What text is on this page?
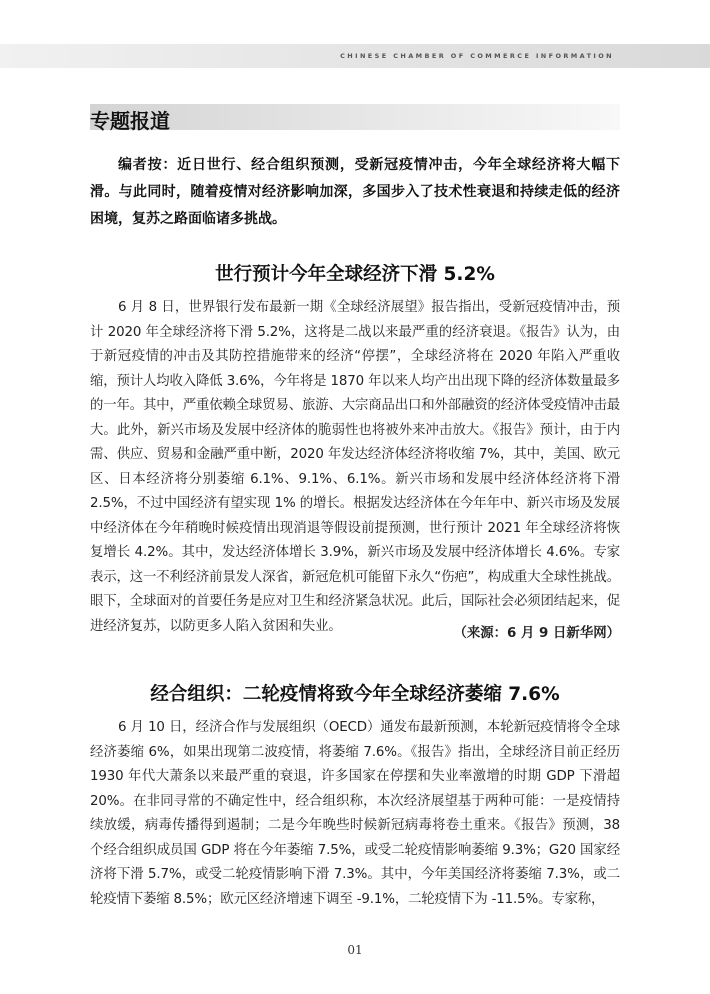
CHINESE CHAMBER OF COMMERCE INFORMATION
专题报道

编者按：近日世行、经合组织预测，受新冠疫情冲击，今年全球经济将大幅下滑。与此同时，随着疫情对经济影响加深，多国步入了技术性衰退和持续走低的经济困境，复苏之路面临诸多挑战。

世行预计今年全球经济下滑 5.2%

6 月 8 日，世界银行发布最新一期《全球经济展望》报告指出，受新冠疫情冲击，预计 2020 年全球经济将下滑 5.2%，这将是二战以来最严重的经济衰退。《报告》认为，由于新冠疫情的冲击及其防控措施带来的经济“停摆”，全球经济将在 2020 年陷入严重收缩，预计人均收入降低 3.6%，今年将是 1870 年以来人均产出出现下降的经济体数量最多的一年。其中，严重依赖全球贸易、旅游、大宗商品出口和外部融资的经济体受疫情冲击最大。此外，新兴市场及发展中经济体的脆弱性也将被外来冲击放大。《报告》预计，由于内需、供应、贸易和金融严重中断，2020 年发达经济体经济将收缩 7%，其中，美国、欧元区、日本经济将分别萎缩 6.1%、9.1%、6.1%。新兴市场和发展中经济体经济将下滑 2.5%，不过中国经济有望实现 1% 的增长。根据发达经济体在今年年中、新兴市场及发展中经济体在今年稍晚时候疫情出现消退等假设前提预测，世行预计 2021 年全球经济将恢复增长 4.2%。其中，发达经济体增长 3.9%，新兴市场及发展中经济体增长 4.6%。专家表示，这一不利经济前景发人深省，新冠危机可能留下永久“伤疤”，构成重大全球性挑战。眼下，全球面对的首要任务是应对卫生和经济紧急状况。此后，国际社会必须团结起来，促进经济复苏，以防更多人陷入贫困和失业。	（来源：6 月 9 日新华网）
经合组织：二轮疫情将致今年全球经济萎缩 7.6%

6 月 10 日，经济合作与发展组织（OECD）通发布最新预测，本轮新冠疫情将令全球经济萎缩 6%，如果出现第二波疫情，将萎缩 7.6%。《报告》指出，全球经济目前正经历 1930 年代大萧条以来最严重的衰退，许多国家在停摆和失业率激增的时期 GDP 下滑超 20%。在非同寻常的不确定性中，经合组织称，本次经济展望基于两种可能：一是疫情持续放缓，病毒传播得到遏制；二是今年晚些时候新冠病毒将卷土重来。《报告》预测，38 个经合组织成员国 GDP 将在今年萎缩 7.5%，或受二轮疫情影响萎缩 9.3%；G20 国家经济将下滑 5.7%，或受二轮疫情影响下滑 7.3%。其中，今年美国经济将萎缩 7.3%，或二轮疫情下萎缩 8.5%；欧元区经济增速下调至 -9.1%，二轮疫情下为 -11.5%。专家称，

01
